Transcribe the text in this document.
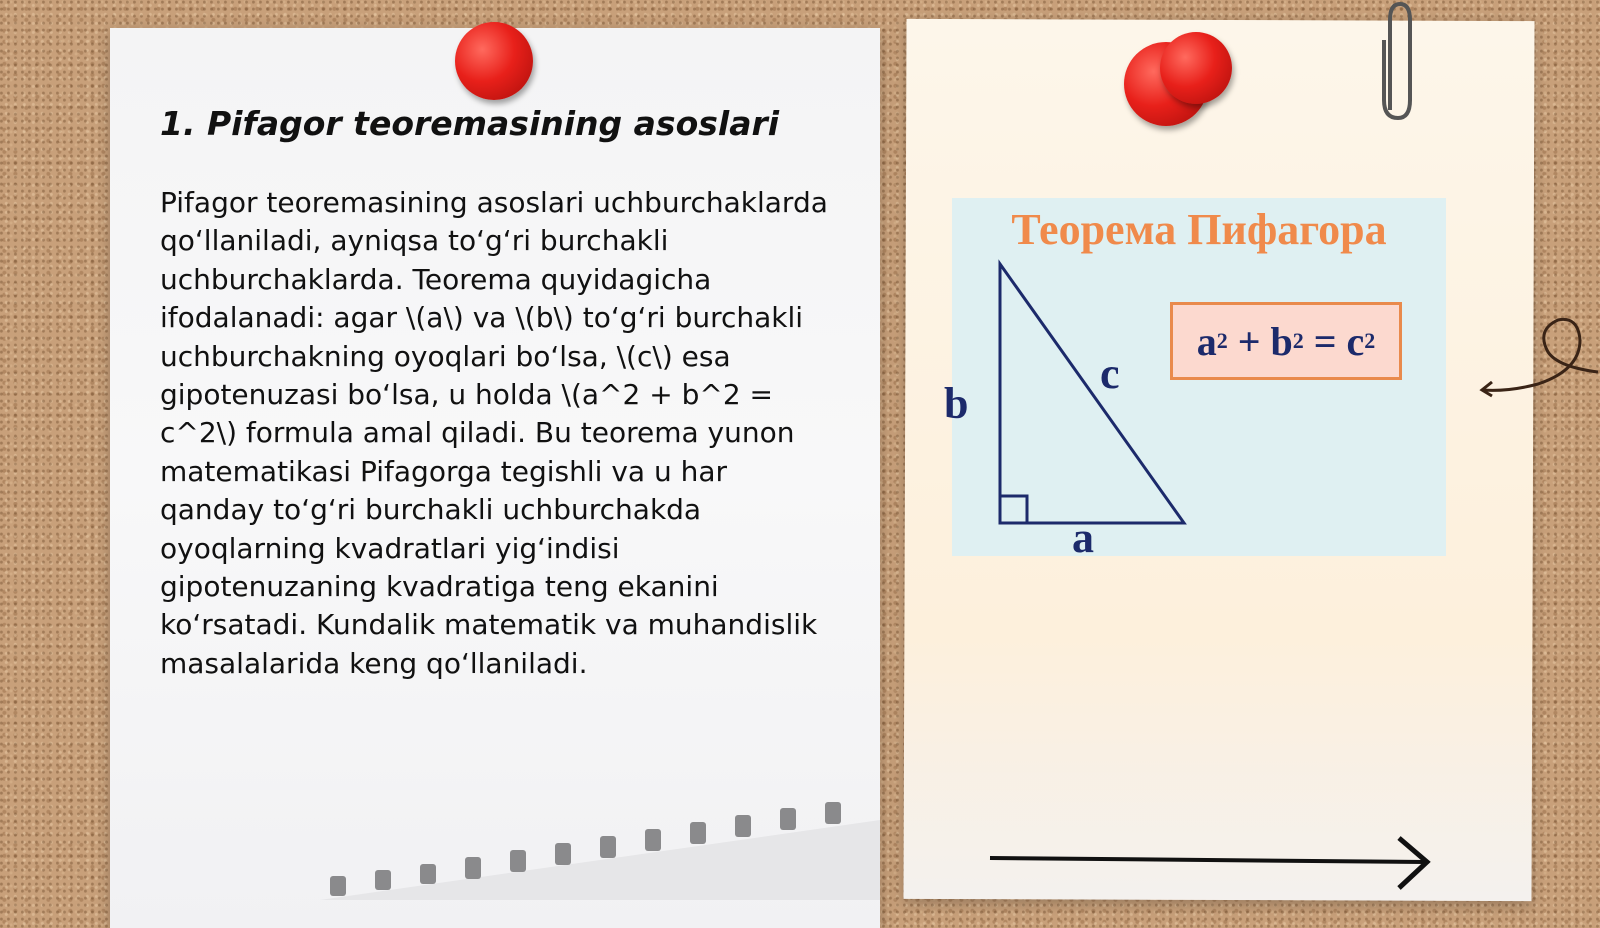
1. Pifagor teoremasining asoslari

Pifagor teoremasining asoslari uchburchaklarda qo‘llaniladi, ayniqsa to‘g‘ri burchakli uchburchaklarda. Teorema quyidagicha ifodalanadi: agar \(a\) va \(b\) to‘g‘ri burchakli uchburchakning oyoqlari bo‘lsa, \(c\) esa gipotenuzasi bo‘lsa, u holda \(a^2 + b^2 = c^2\) formula amal qiladi. Bu teorema yunon matematikasi Pifagorga tegishli va u har qanday to‘g‘ri burchakli uchburchakda oyoqlarning kvadratlari yig‘indisi gipotenuzaning kvadratiga teng ekanini ko‘rsatadi. Kundalik matematik va muhandislik masalalarida keng qo‘llaniladi.

Теорема Пифагора
b
c
a
a 2 + b 2 = c 2
